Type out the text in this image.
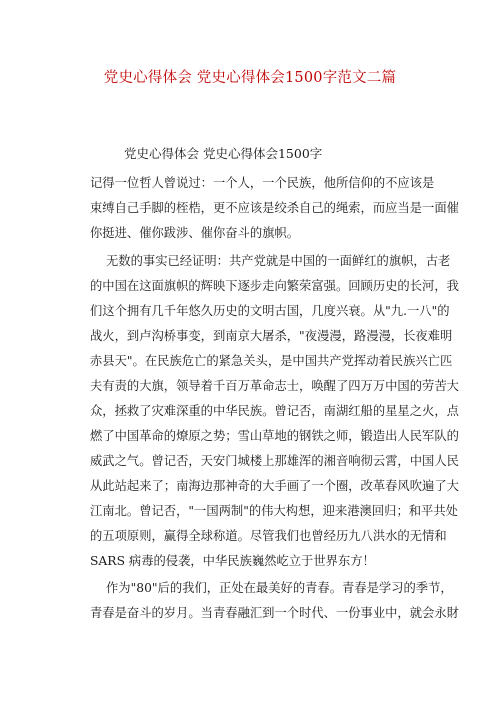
党史心得体会 党史心得体会1500字范文二篇
党史心得体会 党史心得体会1500字
记得一位哲人曾说过：一个人，一个民族，他所信仰的不应该是
束缚自己手脚的桎梏，更不应该是绞杀自己的绳索，而应当是一面催
你挺进、催你跋涉、催你奋斗的旗帜。
无数的事实已经证明：共产党就是中国的一面鲜红的旗帜，古老
的中国在这面旗帜的辉映下逐步走向繁荣富强。回顾历史的长河，我
们这个拥有几千年悠久历史的文明古国，几度兴衰。从"九.一八"的
战火，到卢沟桥事变，到南京大屠杀，"夜漫漫，路漫漫，长夜难明
赤县天"。在民族危亡的紧急关头，是中国共产党挥动着民族兴亡匹
夫有责的大旗，领导着千百万革命志士，唤醒了四万万中国的劳苦大
众，拯救了灾难深重的中华民族。曾记否，南湖红船的星星之火，点
燃了中国革命的燎原之势；雪山草地的钢铁之师，锻造出人民军队的
威武之气。曾记否，天安门城楼上那雄浑的湘音响彻云霄，中国人民
从此站起来了；南海边那神奇的大手画了一个圈，改革春风吹遍了大
江南北。曾记否，"一国两制"的伟大构想，迎来港澳回归；和平共处
的五项原则，赢得全球称道。尽管我们也曾经历九八洪水的无情和
SARS 病毒的侵袭，中华民族巍然屹立于世界东方！
作为"80"后的我们，正处在最美好的青春。青春是学习的季节，
青春是奋斗的岁月。当青春融汇到一个时代、一份事业中，就会永財
